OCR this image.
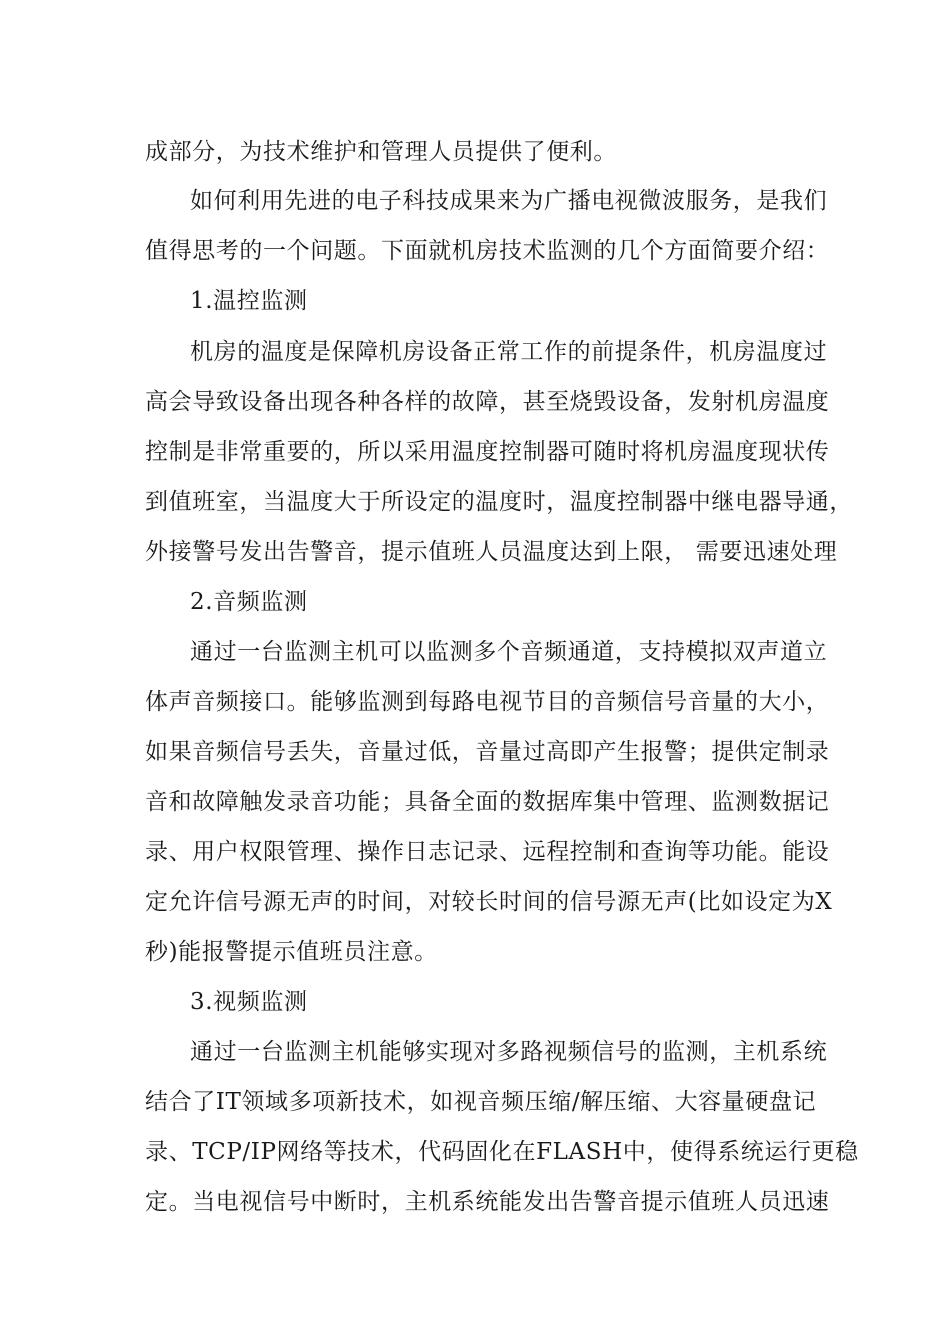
成部分，为技术维护和管理人员提供了便利。
如何利用先进的电子科技成果来为广播电视微波服务，是我们
值得思考的一个问题。下面就机房技术监测的几个方面简要介绍：
1.温控监测
机房的温度是保障机房设备正常工作的前提条件，机房温度过
高会导致设备出现各种各样的故障，甚至烧毁设备，发射机房温度
控制是非常重要的，所以采用温度控制器可随时将机房温度现状传
到值班室，当温度大于所设定的温度时，温度控制器中继电器导通，
外接警号发出告警音，提示值班人员温度达到上限， 需要迅速处理
2.音频监测
通过一台监测主机可以监测多个音频通道，支持模拟双声道立
体声音频接口。能够监测到每路电视节目的音频信号音量的大小，
如果音频信号丢失，音量过低，音量过高即产生报警；提供定制录
音和故障触发录音功能；具备全面的数据库集中管理、监测数据记
录、用户权限管理、操作日志记录、远程控制和查询等功能。能设
定允许信号源无声的时间，对较长时间的信号源无声(比如设定为X
秒)能报警提示值班员注意。
3.视频监测
通过一台监测主机能够实现对多路视频信号的监测，主机系统
结合了IT领域多项新技术，如视音频压缩/解压缩、大容量硬盘记
录、TCP/IP网络等技术，代码固化在FLASH中，使得系统运行更稳
定。当电视信号中断时，主机系统能发出告警音提示值班人员迅速
